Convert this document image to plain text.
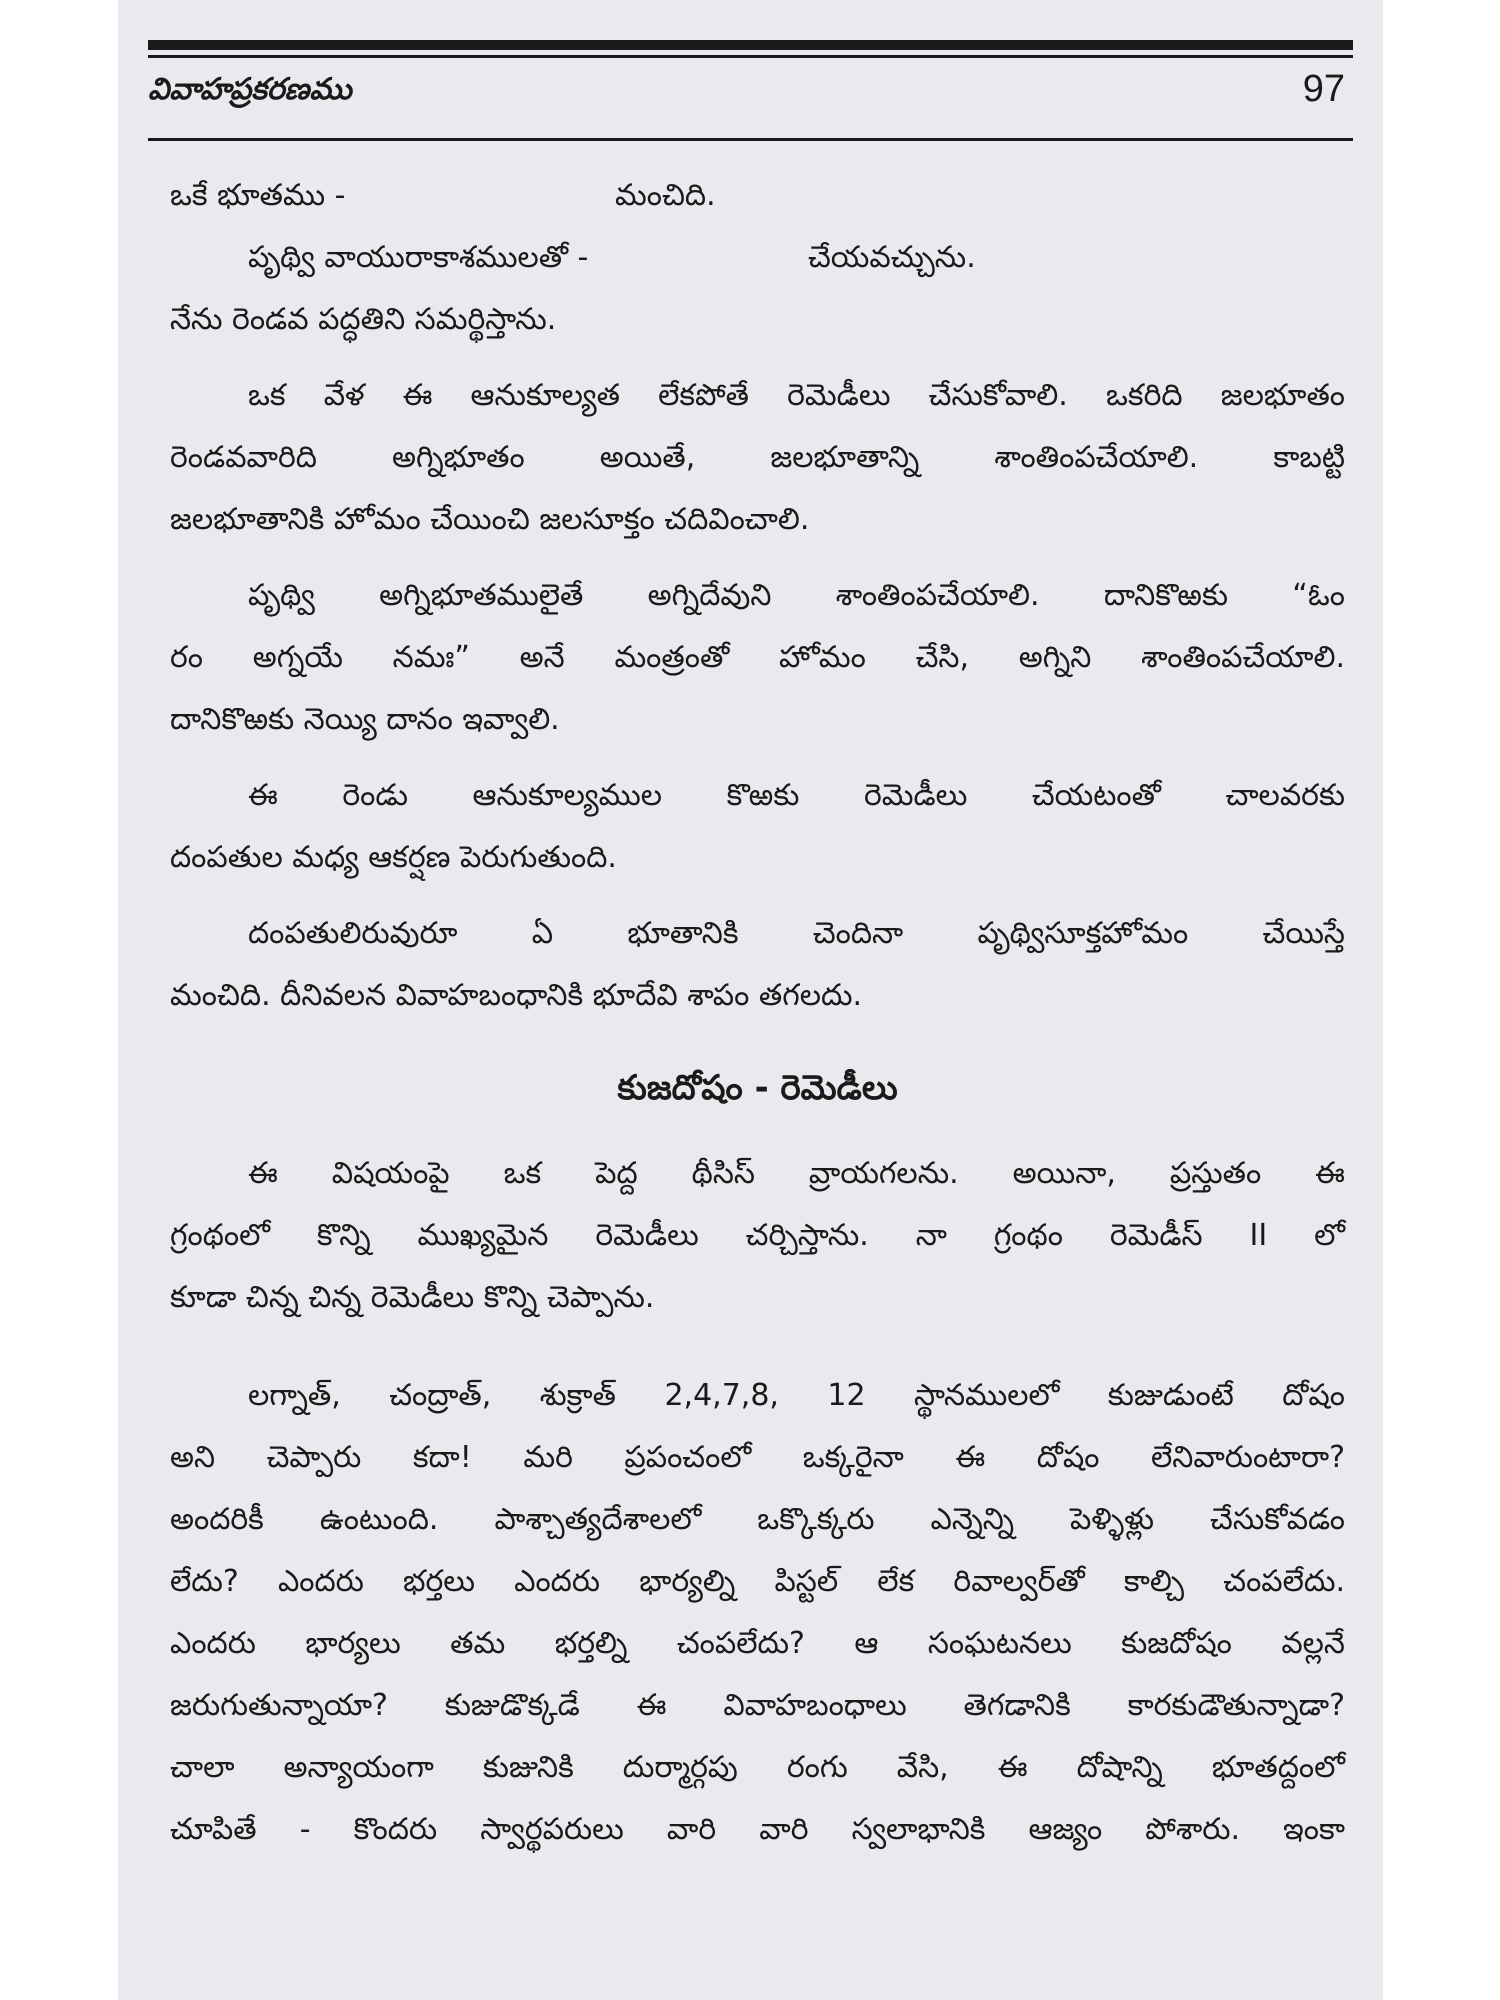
వివాహప్రకరణము	97
ఒకే భూతము -	మంచిది.
పృథ్వి వాయురాకాశములతో -	చేయవచ్చును.

నేను రెండవ పద్ధతిని సమర్థిస్తాను.

ఒక వేళ ఈ ఆనుకూల్యత లేకపోతే రెమెడీలు చేసుకోవాలి. ఒకరిది జలభూతం

రెండవవారిది అగ్నిభూతం అయితే, జలభూతాన్ని శాంతింపచేయాలి. కాబట్టి

జలభూతానికి హోమం చేయించి జలసూక్తం చదివించాలి.

పృథ్వి అగ్నిభూతములైతే అగ్నిదేవుని శాంతింపచేయాలి. దానికొఱకు “ఓం

రం అగ్నయే నమః” అనే మంత్రంతో హోమం చేసి, అగ్నిని శాంతింపచేయాలి.

దానికొఱకు నెయ్యి దానం ఇవ్వాలి.

ఈ రెండు ఆనుకూల్యముల కొఱకు రెమెడీలు చేయటంతో చాలవరకు

దంపతుల మధ్య ఆకర్షణ పెరుగుతుంది.

దంపతులిరువురూ ఏ భూతానికి చెందినా పృథ్విసూక్తహోమం చేయిస్తే

మంచిది. దీనివలన వివాహబంధానికి భూదేవి శాపం తగలదు.

కుజదోషం - రెమెడీలు

ఈ విషయంపై ఒక పెద్ద థీసిస్ వ్రాయగలను. అయినా, ప్రస్తుతం ఈ

గ్రంథంలో కొన్ని ముఖ్యమైన రెమెడీలు చర్చిస్తాను. నా గ్రంథం రెమెడీస్ II లో

కూడా చిన్న చిన్న రెమెడీలు కొన్ని చెప్పాను.

లగ్నాత్, చంద్రాత్, శుక్రాత్ 2,4,7,8, 12 స్థానములలో కుజుడుంటే దోషం

అని చెప్పారు కదా! మరి ప్రపంచంలో ఒక్కరైనా ఈ దోషం లేనివారుంటారా?

అందరికీ ఉంటుంది. పాశ్చాత్యదేశాలలో ఒక్కొక్కరు ఎన్నెన్ని పెళ్ళిళ్లు చేసుకోవడం

లేదు? ఎందరు భర్తలు ఎందరు భార్యల్ని పిస్టల్ లేక రివాల్వర్‌తో కాల్చి చంపలేదు.

ఎందరు భార్యలు తమ భర్తల్ని చంపలేదు? ఆ సంఘటనలు కుజదోషం వల్లనే

జరుగుతున్నాయా? కుజుడొక్కడే ఈ వివాహబంధాలు తెగడానికి కారకుడౌతున్నాడా?

చాలా అన్యాయంగా కుజునికి దుర్మార్గపు రంగు వేసి, ఈ దోషాన్ని భూతద్దంలో

చూపితే - కొందరు స్వార్థపరులు వారి వారి స్వలాభానికి ఆజ్యం పోశారు. ఇంకా
